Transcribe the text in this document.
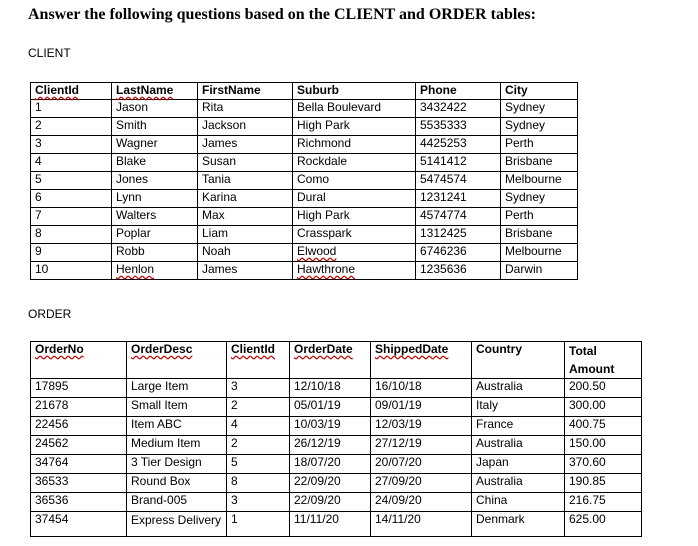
Answer the following questions based on the CLIENT and ORDER tables:
CLIENT
ClientId	LastName	FirstName	Suburb	Phone	City
1	Jason	Rita	Bella Boulevard	3432422	Sydney
2	Smith	Jackson	High Park	5535333	Sydney
3	Wagner	James	Richmond	4425253	Perth
4	Blake	Susan	Rockdale	5141412	Brisbane
5	Jones	Tania	Como	5474574	Melbourne
6	Lynn	Karina	Dural	1231241	Sydney
7	Walters	Max	High Park	4574774	Perth
8	Poplar	Liam	Crasspark	1312425	Brisbane
9	Robb	Noah	Elwood	6746236	Melbourne
10	Henlon	James	Hawthrone	1235636	Darwin
ORDER
OrderNo	OrderDesc	ClientId	OrderDate	ShippedDate	Country	Total Amount
17895	Large Item	3	12/10/18	16/10/18	Australia	200.50
21678	Small Item	2	05/01/19	09/01/19	Italy	300.00
22456	Item ABC	4	10/03/19	12/03/19	France	400.75
24562	Medium Item	2	26/12/19	27/12/19	Australia	150.00
34764	3 Tier Design	5	18/07/20	20/07/20	Japan	370.60
36533	Round Box	8	22/09/20	27/09/20	Australia	190.85
36536	Brand-005	3	22/09/20	24/09/20	China	216.75
37454	Express Delivery	1	11/11/20	14/11/20	Denmark	625.00
